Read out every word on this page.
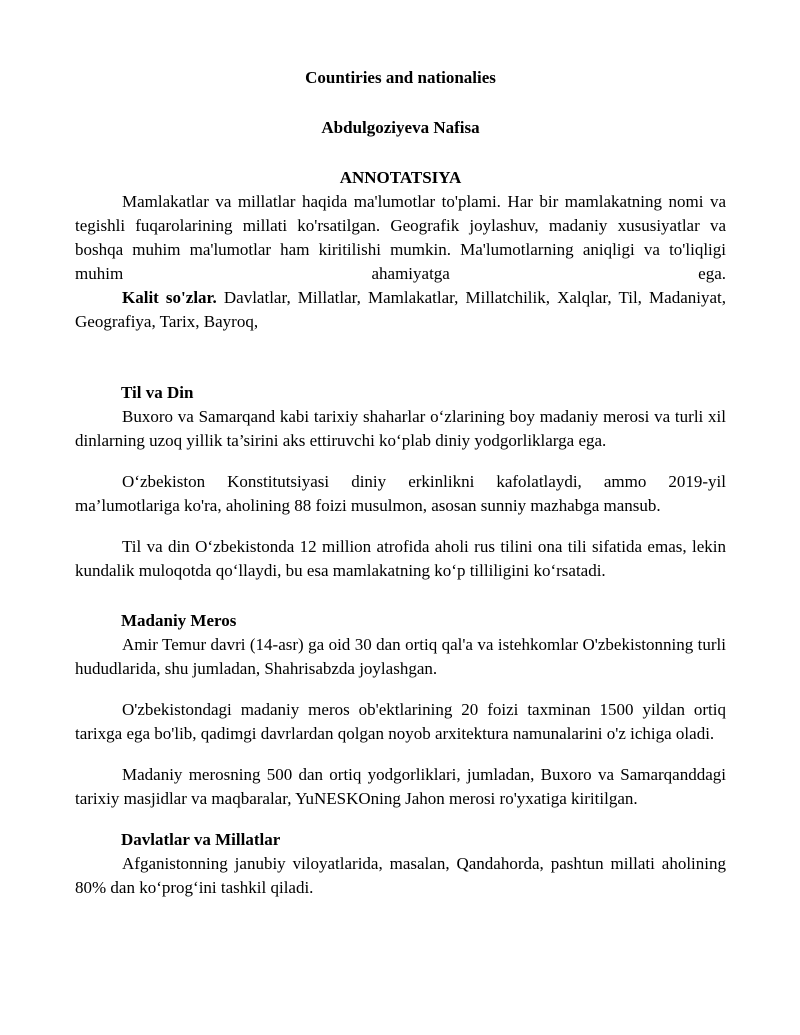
Countiries and nationalies

Abdulgoziyeva Nafisa

ANNOTATSIYA

Mamlakatlar va millatlar haqida ma'lumotlar to'plami. Har bir mamlakatning nomi va tegishli fuqarolarining millati ko'rsatilgan. Geografik joylashuv, madaniy xususiyatlar va boshqa muhim ma'lumotlar ham kiritilishi mumkin. Ma'lumotlarning aniqligi va to'liqligi muhim ahamiyatga ega.

Kalit so'zlar. Davlatlar, Millatlar, Mamlakatlar, Millatchilik, Xalqlar, Til, Madaniyat, Geografiya, Tarix, Bayroq,

Til va Din

Buxoro va Samarqand kabi tarixiy shaharlar o‘zlarining boy madaniy merosi va turli xil dinlarning uzoq yillik ta’sirini aks ettiruvchi ko‘plab diniy yodgorliklarga ega.

O‘zbekiston Konstitutsiyasi diniy erkinlikni kafolatlaydi, ammo 2019-yil ma’lumotlariga ko'ra, aholining 88 foizi musulmon, asosan sunniy mazhabga mansub.

Til va din O‘zbekistonda 12 million atrofida aholi rus tilini ona tili sifatida emas, lekin kundalik muloqotda qo‘llaydi, bu esa mamlakatning ko‘p tilliligini ko‘rsatadi.

Madaniy Meros

Amir Temur davri (14-asr) ga oid 30 dan ortiq qal'a va istehkomlar O'zbekistonning turli hududlarida, shu jumladan, Shahrisabzda joylashgan.

O'zbekistondagi madaniy meros ob'ektlarining 20 foizi taxminan 1500 yildan ortiq tarixga ega bo'lib, qadimgi davrlardan qolgan noyob arxitektura namunalarini o'z ichiga oladi.

Madaniy merosning 500 dan ortiq yodgorliklari, jumladan, Buxoro va Samarqanddagi tarixiy masjidlar va maqbaralar, YuNESKOning Jahon merosi ro'yxatiga kiritilgan.

Davlatlar va Millatlar

Afganistonning janubiy viloyatlarida, masalan, Qandahorda, pashtun millati aholining 80% dan ko‘prog‘ini tashkil qiladi.
